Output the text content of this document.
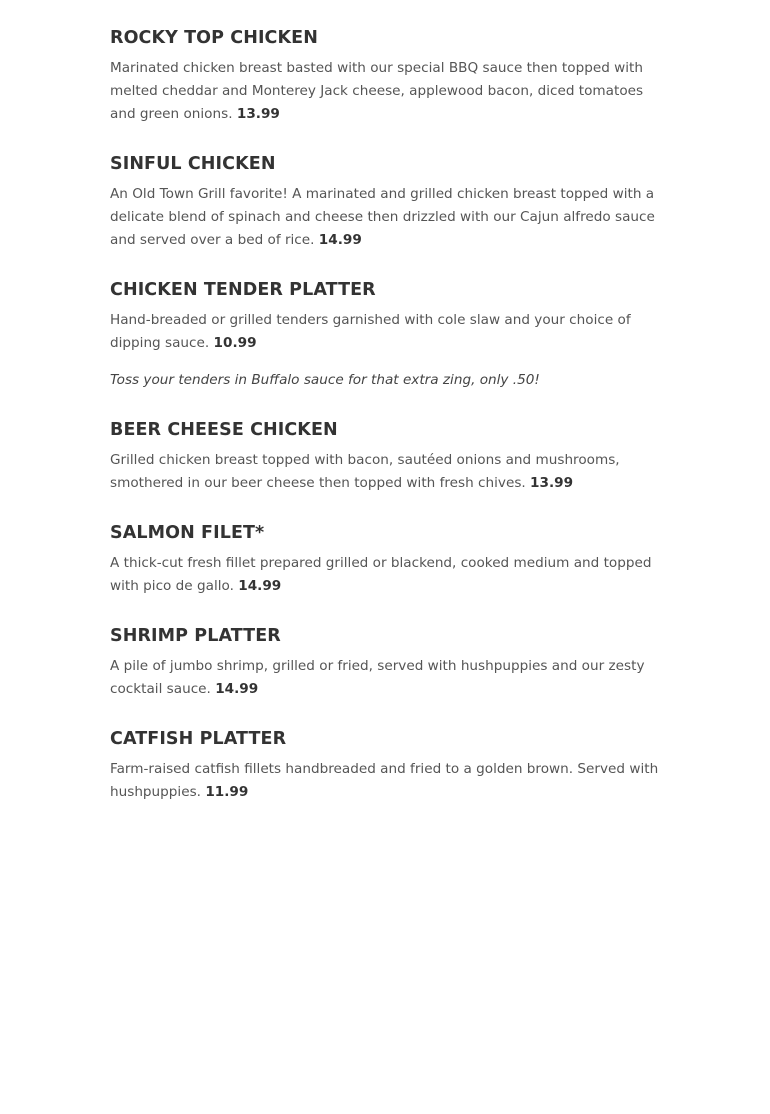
ROCKY TOP CHICKEN

Marinated chicken breast basted with our special BBQ sauce then topped with melted cheddar and Monterey Jack cheese, applewood bacon, diced tomatoes and green onions. 13.99

SINFUL CHICKEN

An Old Town Grill favorite! A marinated and grilled chicken breast topped with a delicate blend of spinach and cheese then drizzled with our Cajun alfredo sauce and served over a bed of rice. 14.99

CHICKEN TENDER PLATTER

Hand-breaded or grilled tenders garnished with cole slaw and your choice of dipping sauce. 10.99

Toss your tenders in Buffalo sauce for that extra zing, only .50!

BEER CHEESE CHICKEN

Grilled chicken breast topped with bacon, sautéed onions and mushrooms, smothered in our beer cheese then topped with fresh chives. 13.99

SALMON FILET*

A thick-cut fresh fillet prepared grilled or blackend, cooked medium and topped with pico de gallo. 14.99

SHRIMP PLATTER

A pile of jumbo shrimp, grilled or fried, served with hushpuppies and our zesty cocktail sauce. 14.99

CATFISH PLATTER

Farm-raised catfish fillets handbreaded and fried to a golden brown. Served with hushpuppies. 11.99
